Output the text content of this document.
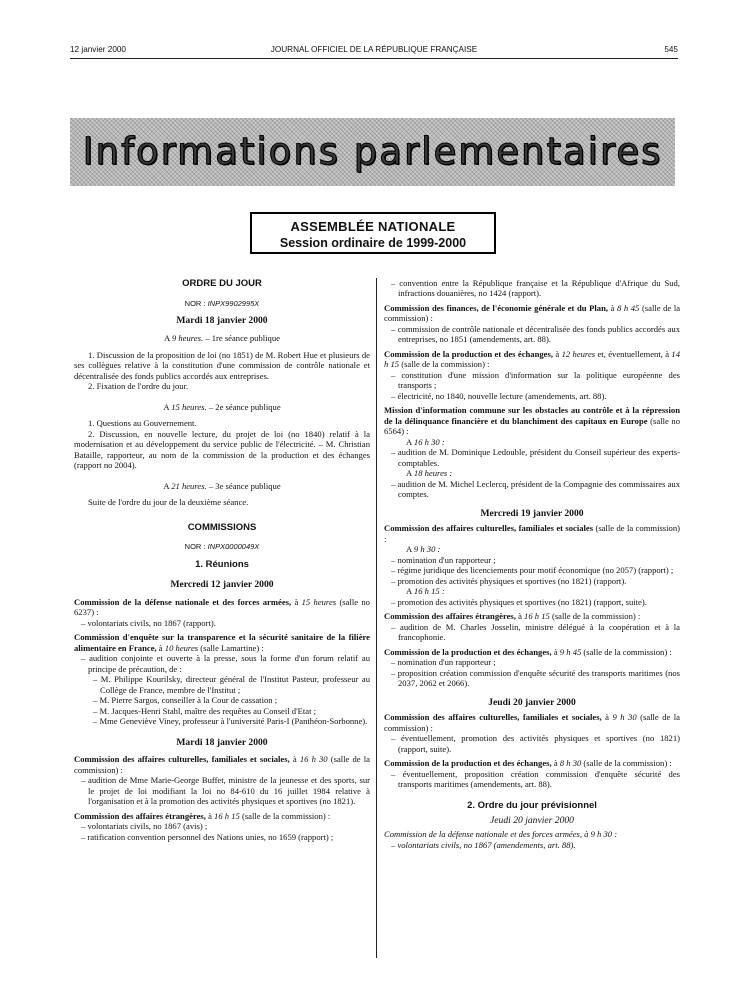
12 janvier 2000	JOURNAL OFFICIEL DE LA RÉPUBLIQUE FRANÇAISE	545
Informations parlementaires
ASSEMBLÉE NATIONALE
Session ordinaire de 1999-2000
ORDRE DU JOUR
NOR : INPX9902995X
Mardi 18 janvier 2000
A 9 heures. – 1re séance publique

1. Discussion de la proposition de loi (no 1851) de M. Robert Hue et plusieurs de ses collègues relative à la constitution d'une commission de contrôle nationale et décentralisée des fonds publics accordés aux entreprises.

2. Fixation de l'ordre du jour.

A 15 heures. – 2e séance publique

1. Questions au Gouvernement.

2. Discussion, en nouvelle lecture, du projet de loi (no 1840) relatif à la modernisation et au développement du service public de l'électricité. – M. Christian Bataille, rapporteur, au nom de la commission de la production et des échanges (rapport no 2004).

A 21 heures. – 3e séance publique

Suite de l'ordre du jour de la deuxième séance.

COMMISSIONS
NOR : INPX0000049X
1. Réunions
Mercredi 12 janvier 2000
Commission de la défense nationale et des forces armées, à 15 heures (salle no 6237) :
– volontariats civils, no 1867 (rapport).
Commission d'enquête sur la transparence et la sécurité sanitaire de la filière alimentaire en France, à 10 heures (salle Lamartine) :
– audition conjointe et ouverte à la presse, sous la forme d'un forum relatif au principe de précaution, de :
– M. Philippe Kourilsky, directeur général de l'Institut Pasteur, professeur au Collège de France, membre de l'Institut ;
– M. Pierre Sargos, conseiller à la Cour de cassation ;
– M. Jacques-Henri Stahl, maître des requêtes au Conseil d'Etat ;
– Mme Geneviève Viney, professeur à l'université Paris-I (Panthéon-Sorbonne).
Mardi 18 janvier 2000
Commission des affaires culturelles, familiales et sociales, à 16 h 30 (salle de la commission) :
– audition de Mme Marie-George Buffet, ministre de la jeunesse et des sports, sur le projet de loi modifiant la loi no 84-610 du 16 juillet 1984 relative à l'organisation et à la promotion des activités physiques et sportives (no 1821).
Commission des affaires étrangères, à 16 h 15 (salle de la commission) :
– volontariats civils, no 1867 (avis) ;
– ratification convention personnel des Nations unies, no 1659 (rapport) ;
– convention entre la République française et la République d'Afrique du Sud, infractions douanières, no 1424 (rapport).
Commission des finances, de l'économie générale et du Plan, à 8 h 45 (salle de la commission) :
– commission de contrôle nationale et décentralisée des fonds publics accordés aux entreprises, no 1851 (amendements, art. 88).
Commission de la production et des échanges, à 12 heures et, éventuellement, à 14 h 15 (salle de la commission) :
– constitution d'une mission d'information sur la politique européenne des transports ;
– électricité, no 1840, nouvelle lecture (amendements, art. 88).
Mission d'information commune sur les obstacles au contrôle et à la répression de la délinquance financière et du blanchiment des capitaux en Europe (salle no 6564) :
A 16 h 30 :
– audition de M. Dominique Ledouble, président du Conseil supérieur des experts-comptables.
A 18 heures :
– audition de M. Michel Leclercq, président de la Compagnie des commissaires aux comptes.
Mercredi 19 janvier 2000
Commission des affaires culturelles, familiales et sociales (salle de la commission) :
A 9 h 30 :
– nomination d'un rapporteur ;
– régime juridique des licenciements pour motif économique (no 2057) (rapport) ;
– promotion des activités physiques et sportives (no 1821) (rapport).
A 16 h 15 :
– promotion des activités physiques et sportives (no 1821) (rapport, suite).
Commission des affaires étrangères, à 16 h 15 (salle de la commission) :
– audition de M. Charles Josselin, ministre délégué à la coopération et à la francophonie.
Commission de la production et des échanges, à 9 h 45 (salle de la commission) :
– nomination d'un rapporteur ;
– proposition création commission d'enquête sécurité des transports maritimes (nos 2037, 2062 et 2066).
Jeudi 20 janvier 2000
Commission des affaires culturelles, familiales et sociales, à 9 h 30 (salle de la commission) :
– éventuellement, promotion des activités physiques et sportives (no 1821) (rapport, suite).
Commission de la production et des échanges, à 8 h 30 (salle de la commission) :
– éventuellement, proposition création commission d'enquête sécurité des transports maritimes (amendements, art. 88).
2. Ordre du jour prévisionnel
Jeudi 20 janvier 2000
Commission de la défense nationale et des forces armées, à 9 h 30 :
– volontariats civils, no 1867 (amendements, art. 88).
